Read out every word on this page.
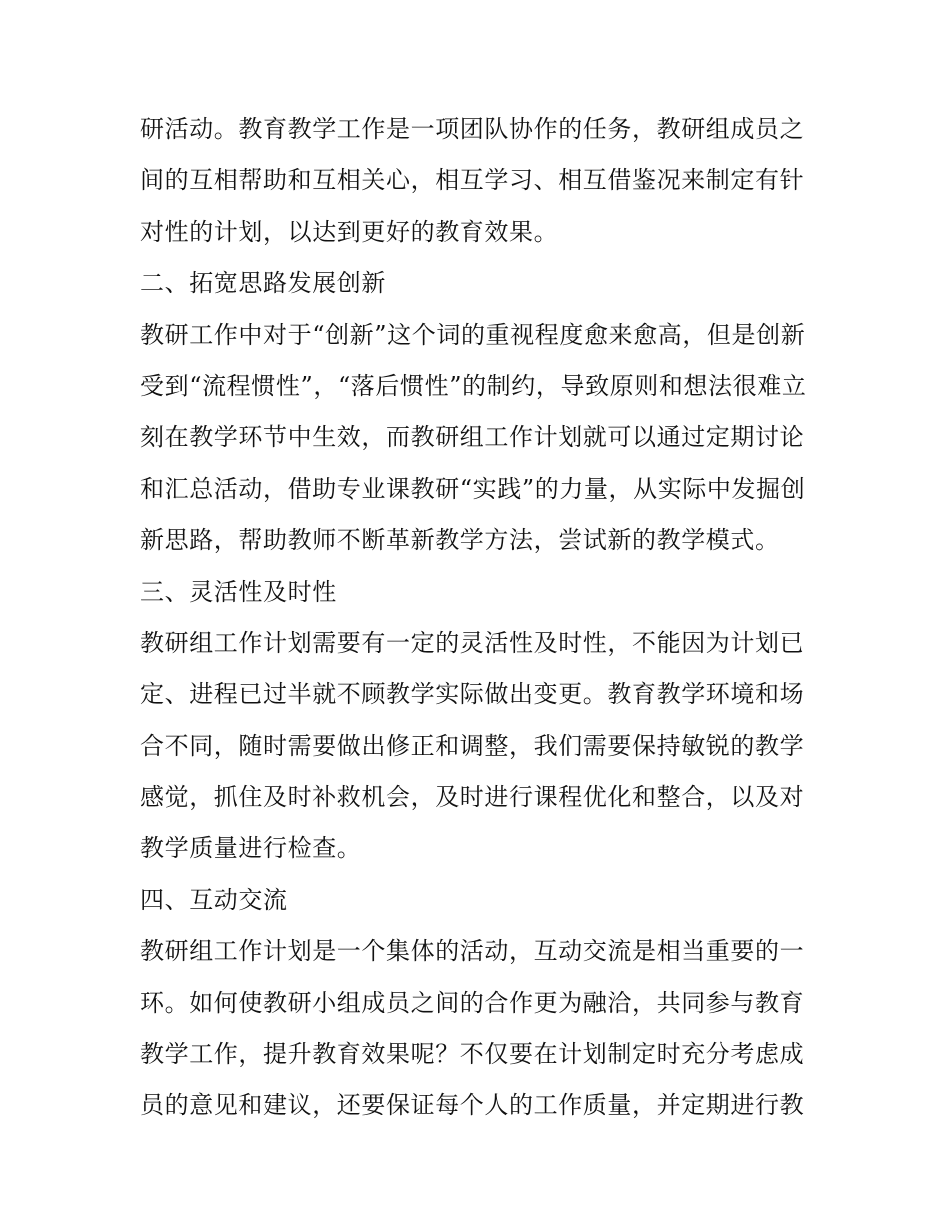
研活动。教育教学工作是一项团队协作的任务，教研组成员之
间的互相帮助和互相关心，相互学习、相互借鉴况来制定有针
对性的计划，以达到更好的教育效果。
二、拓宽思路发展创新
教研工作中对于“创新”这个词的重视程度愈来愈高，但是创新
受到“流程惯性”，“落后惯性”的制约，导致原则和想法很难立
刻在教学环节中生效，而教研组工作计划就可以通过定期讨论
和汇总活动，借助专业课教研“实践”的力量，从实际中发掘创
新思路，帮助教师不断革新教学方法，尝试新的教学模式。
三、灵活性及时性
教研组工作计划需要有一定的灵活性及时性，不能因为计划已
定、进程已过半就不顾教学实际做出变更。教育教学环境和场
合不同，随时需要做出修正和调整，我们需要保持敏锐的教学
感觉，抓住及时补救机会，及时进行课程优化和整合，以及对
教学质量进行检查。
四、互动交流
教研组工作计划是一个集体的活动，互动交流是相当重要的一
环。如何使教研小组成员之间的合作更为融洽，共同参与教育
教学工作，提升教育效果呢？不仅要在计划制定时充分考虑成
员的意见和建议，还要保证每个人的工作质量，并定期进行教
